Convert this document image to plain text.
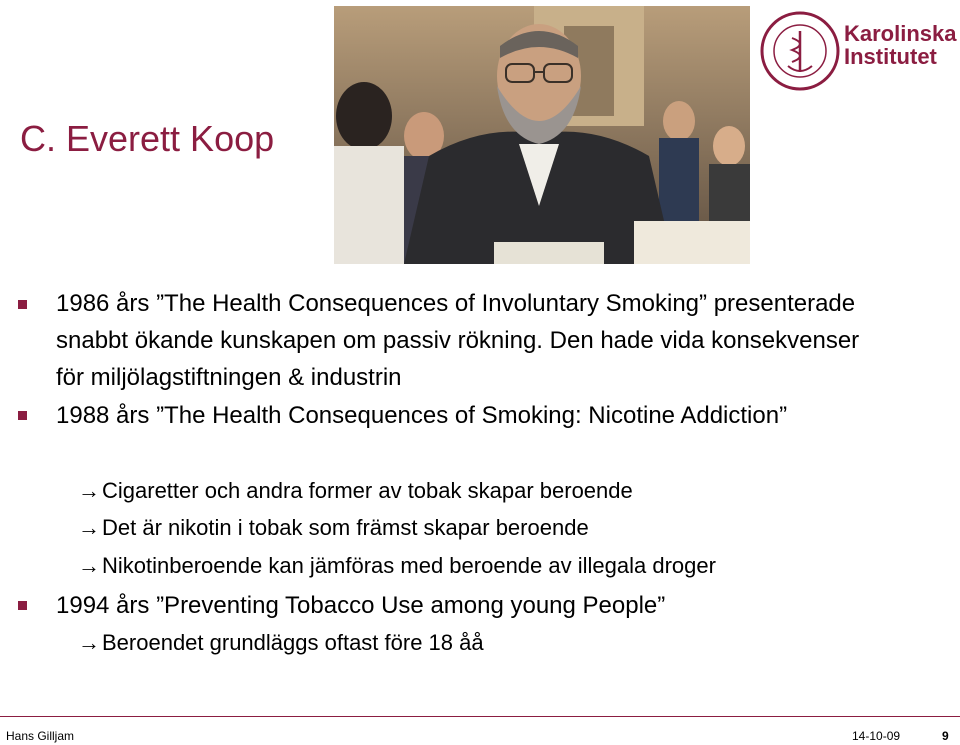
C. Everett Koop
Karolinska
Institutet
1986 års ”The Health Consequences of Involuntary Smoking” presenterade snabbt ökande kunskapen om passiv rökning. Den hade vida konsekvenser för miljölagstiftningen & industrin
1988 års ”The Health Consequences of Smoking: Nicotine Addiction”
→Cigaretter och andra former av tobak skapar beroende
→Det är nikotin i tobak som främst skapar beroende
→Nikotinberoende kan jämföras med beroende av illegala droger
1994 års ”Preventing Tobacco Use among young People”
→Beroendet grundläggs oftast före 18 åå
Hans Gilljam	14-10-09	9
